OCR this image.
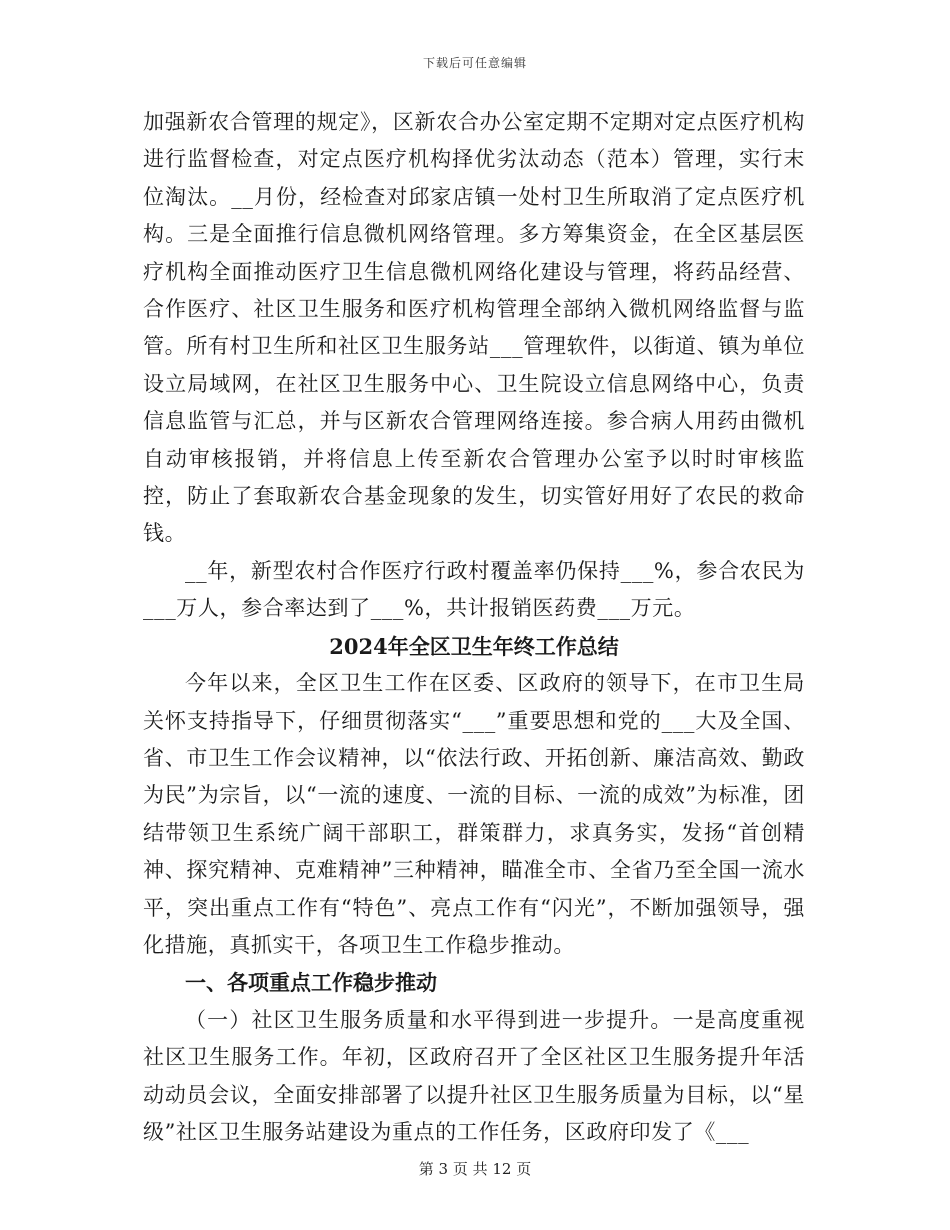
下载后可任意编辑

加强新农合管理的规定》，区新农合办公室定期不定期对定点医疗机构进行监督检查，对定点医疗机构择优劣汰动态（范本）管理，实行末位淘汰。__月份，经检查对邱家店镇一处村卫生所取消了定点医疗机构。三是全面推行信息微机网络管理。多方筹集资金，在全区基层医疗机构全面推动医疗卫生信息微机网络化建设与管理，将药品经营、合作医疗、社区卫生服务和医疗机构管理全部纳入微机网络监督与监管。所有村卫生所和社区卫生服务站___管理软件，以街道、镇为单位设立局域网，在社区卫生服务中心、卫生院设立信息网络中心，负责信息监管与汇总，并与区新农合管理网络连接。参合病人用药由微机自动审核报销，并将信息上传至新农合管理办公室予以时时审核监控，防止了套取新农合基金现象的发生，切实管好用好了农民的救命钱。

__年，新型农村合作医疗行政村覆盖率仍保持___%，参合农民为___万人，参合率达到了___%，共计报销医药费___万元。

2024年全区卫生年终工作总结

今年以来，全区卫生工作在区委、区政府的领导下，在市卫生局关怀支持指导下，仔细贯彻落实“___”重要思想和党的___大及全国、省、市卫生工作会议精神，以“依法行政、开拓创新、廉洁高效、勤政为民”为宗旨，以“一流的速度、一流的目标、一流的成效”为标准，团结带领卫生系统广阔干部职工，群策群力，求真务实，发扬“首创精神、探究精神、克难精神”三种精神，瞄准全市、全省乃至全国一流水平，突出重点工作有“特色”、亮点工作有“闪光”，不断加强领导，强化措施，真抓实干，各项卫生工作稳步推动。

一、各项重点工作稳步推动

（一）社区卫生服务质量和水平得到进一步提升。一是高度重视社区卫生服务工作。年初，区政府召开了全区社区卫生服务提升年活动动员会议，全面安排部署了以提升社区卫生服务质量为目标，以“星级”社区卫生服务站建设为重点的工作任务，区政府印发了《___

第 3 页 共 12 页
